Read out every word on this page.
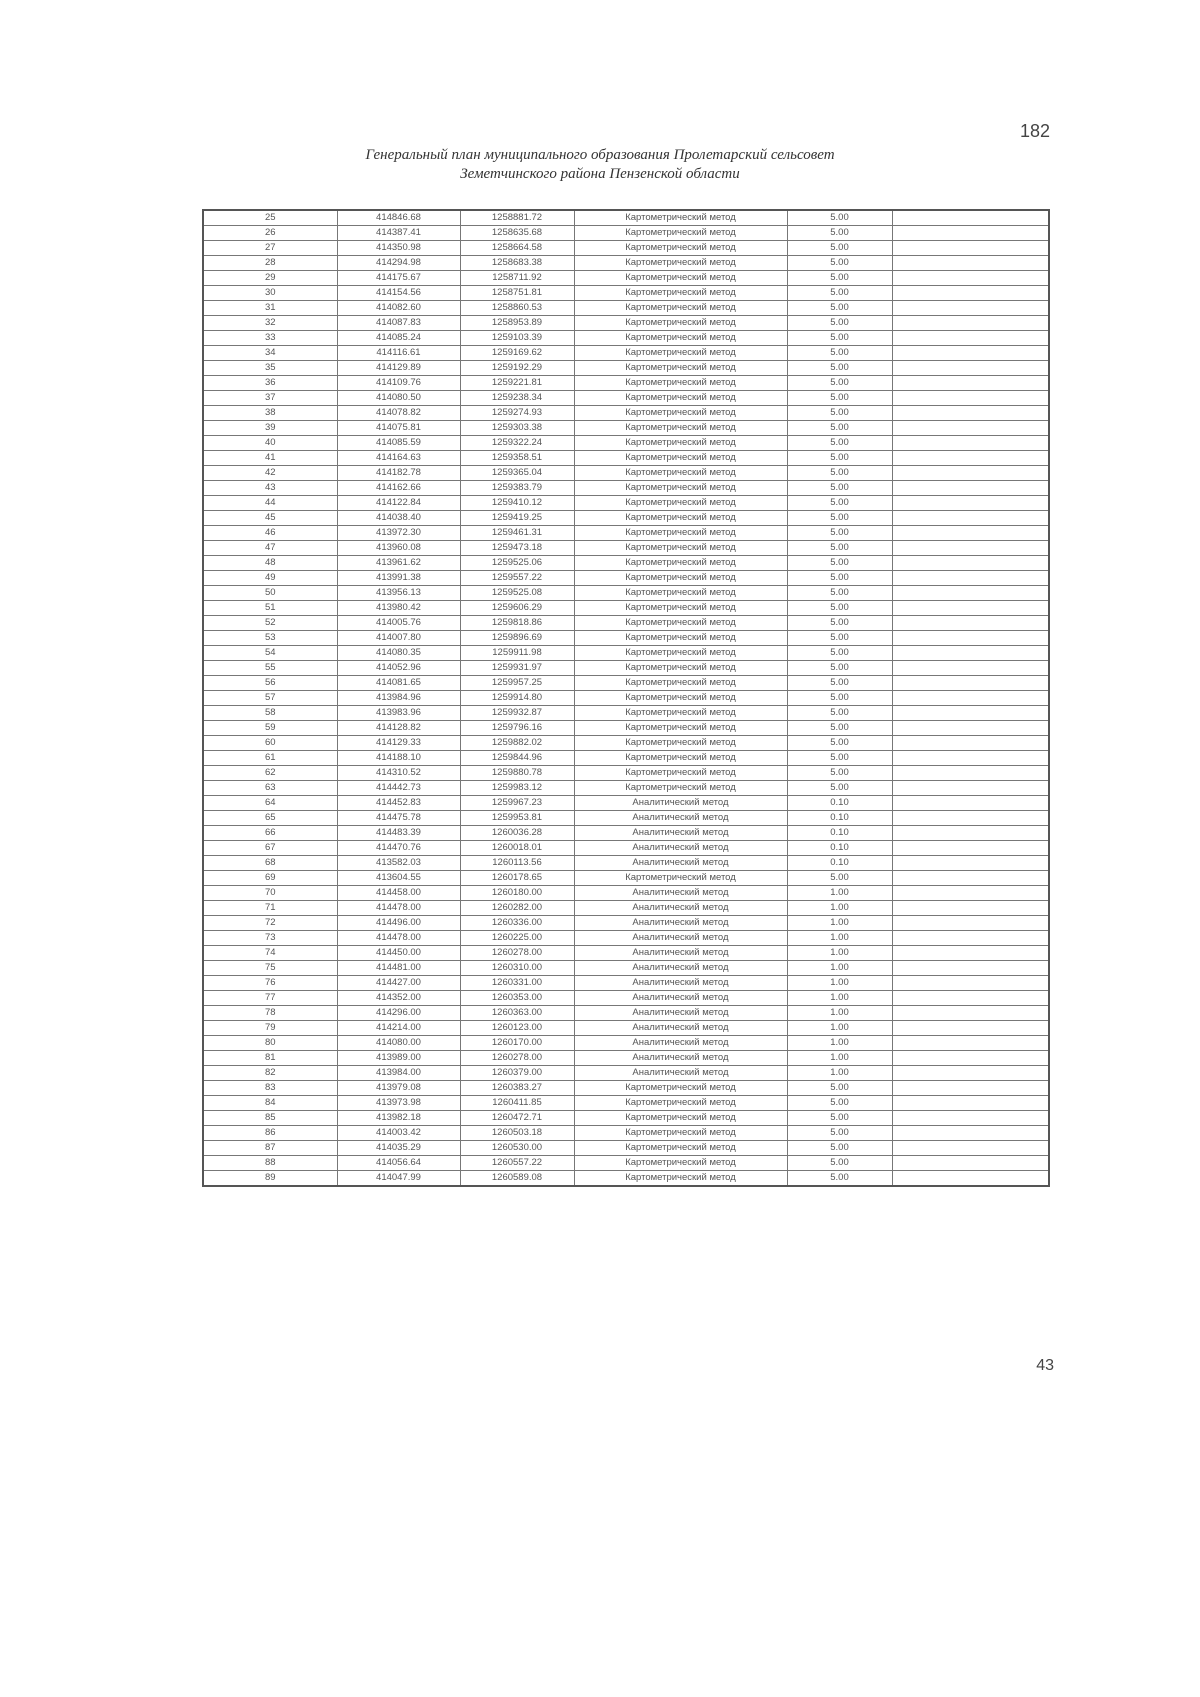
182
Генеральный план муниципального образования Пролетарский сельсовет
Земетчинского района Пензенской области
25	414846.68	1258881.72	Картометрический метод	5.00	
26	414387.41	1258635.68	Картометрический метод	5.00	
27	414350.98	1258664.58	Картометрический метод	5.00	
28	414294.98	1258683.38	Картометрический метод	5.00	
29	414175.67	1258711.92	Картометрический метод	5.00	
30	414154.56	1258751.81	Картометрический метод	5.00	
31	414082.60	1258860.53	Картометрический метод	5.00	
32	414087.83	1258953.89	Картометрический метод	5.00	
33	414085.24	1259103.39	Картометрический метод	5.00	
34	414116.61	1259169.62	Картометрический метод	5.00	
35	414129.89	1259192.29	Картометрический метод	5.00	
36	414109.76	1259221.81	Картометрический метод	5.00	
37	414080.50	1259238.34	Картометрический метод	5.00	
38	414078.82	1259274.93	Картометрический метод	5.00	
39	414075.81	1259303.38	Картометрический метод	5.00	
40	414085.59	1259322.24	Картометрический метод	5.00	
41	414164.63	1259358.51	Картометрический метод	5.00	
42	414182.78	1259365.04	Картометрический метод	5.00	
43	414162.66	1259383.79	Картометрический метод	5.00	
44	414122.84	1259410.12	Картометрический метод	5.00	
45	414038.40	1259419.25	Картометрический метод	5.00	
46	413972.30	1259461.31	Картометрический метод	5.00	
47	413960.08	1259473.18	Картометрический метод	5.00	
48	413961.62	1259525.06	Картометрический метод	5.00	
49	413991.38	1259557.22	Картометрический метод	5.00	
50	413956.13	1259525.08	Картометрический метод	5.00	
51	413980.42	1259606.29	Картометрический метод	5.00	
52	414005.76	1259818.86	Картометрический метод	5.00	
53	414007.80	1259896.69	Картометрический метод	5.00	
54	414080.35	1259911.98	Картометрический метод	5.00	
55	414052.96	1259931.97	Картометрический метод	5.00	
56	414081.65	1259957.25	Картометрический метод	5.00	
57	413984.96	1259914.80	Картометрический метод	5.00	
58	413983.96	1259932.87	Картометрический метод	5.00	
59	414128.82	1259796.16	Картометрический метод	5.00	
60	414129.33	1259882.02	Картометрический метод	5.00	
61	414188.10	1259844.96	Картометрический метод	5.00	
62	414310.52	1259880.78	Картометрический метод	5.00	
63	414442.73	1259983.12	Картометрический метод	5.00	
64	414452.83	1259967.23	Аналитический метод	0.10	
65	414475.78	1259953.81	Аналитический метод	0.10	
66	414483.39	1260036.28	Аналитический метод	0.10	
67	414470.76	1260018.01	Аналитический метод	0.10	
68	413582.03	1260113.56	Аналитический метод	0.10	
69	413604.55	1260178.65	Картометрический метод	5.00	
70	414458.00	1260180.00	Аналитический метод	1.00	
71	414478.00	1260282.00	Аналитический метод	1.00	
72	414496.00	1260336.00	Аналитический метод	1.00	
73	414478.00	1260225.00	Аналитический метод	1.00	
74	414450.00	1260278.00	Аналитический метод	1.00	
75	414481.00	1260310.00	Аналитический метод	1.00	
76	414427.00	1260331.00	Аналитический метод	1.00	
77	414352.00	1260353.00	Аналитический метод	1.00	
78	414296.00	1260363.00	Аналитический метод	1.00	
79	414214.00	1260123.00	Аналитический метод	1.00	
80	414080.00	1260170.00	Аналитический метод	1.00	
81	413989.00	1260278.00	Аналитический метод	1.00	
82	413984.00	1260379.00	Аналитический метод	1.00	
83	413979.08	1260383.27	Картометрический метод	5.00	
84	413973.98	1260411.85	Картометрический метод	5.00	
85	413982.18	1260472.71	Картометрический метод	5.00	
86	414003.42	1260503.18	Картометрический метод	5.00	
87	414035.29	1260530.00	Картометрический метод	5.00	
88	414056.64	1260557.22	Картометрический метод	5.00	
89	414047.99	1260589.08	Картометрический метод	5.00	
43
